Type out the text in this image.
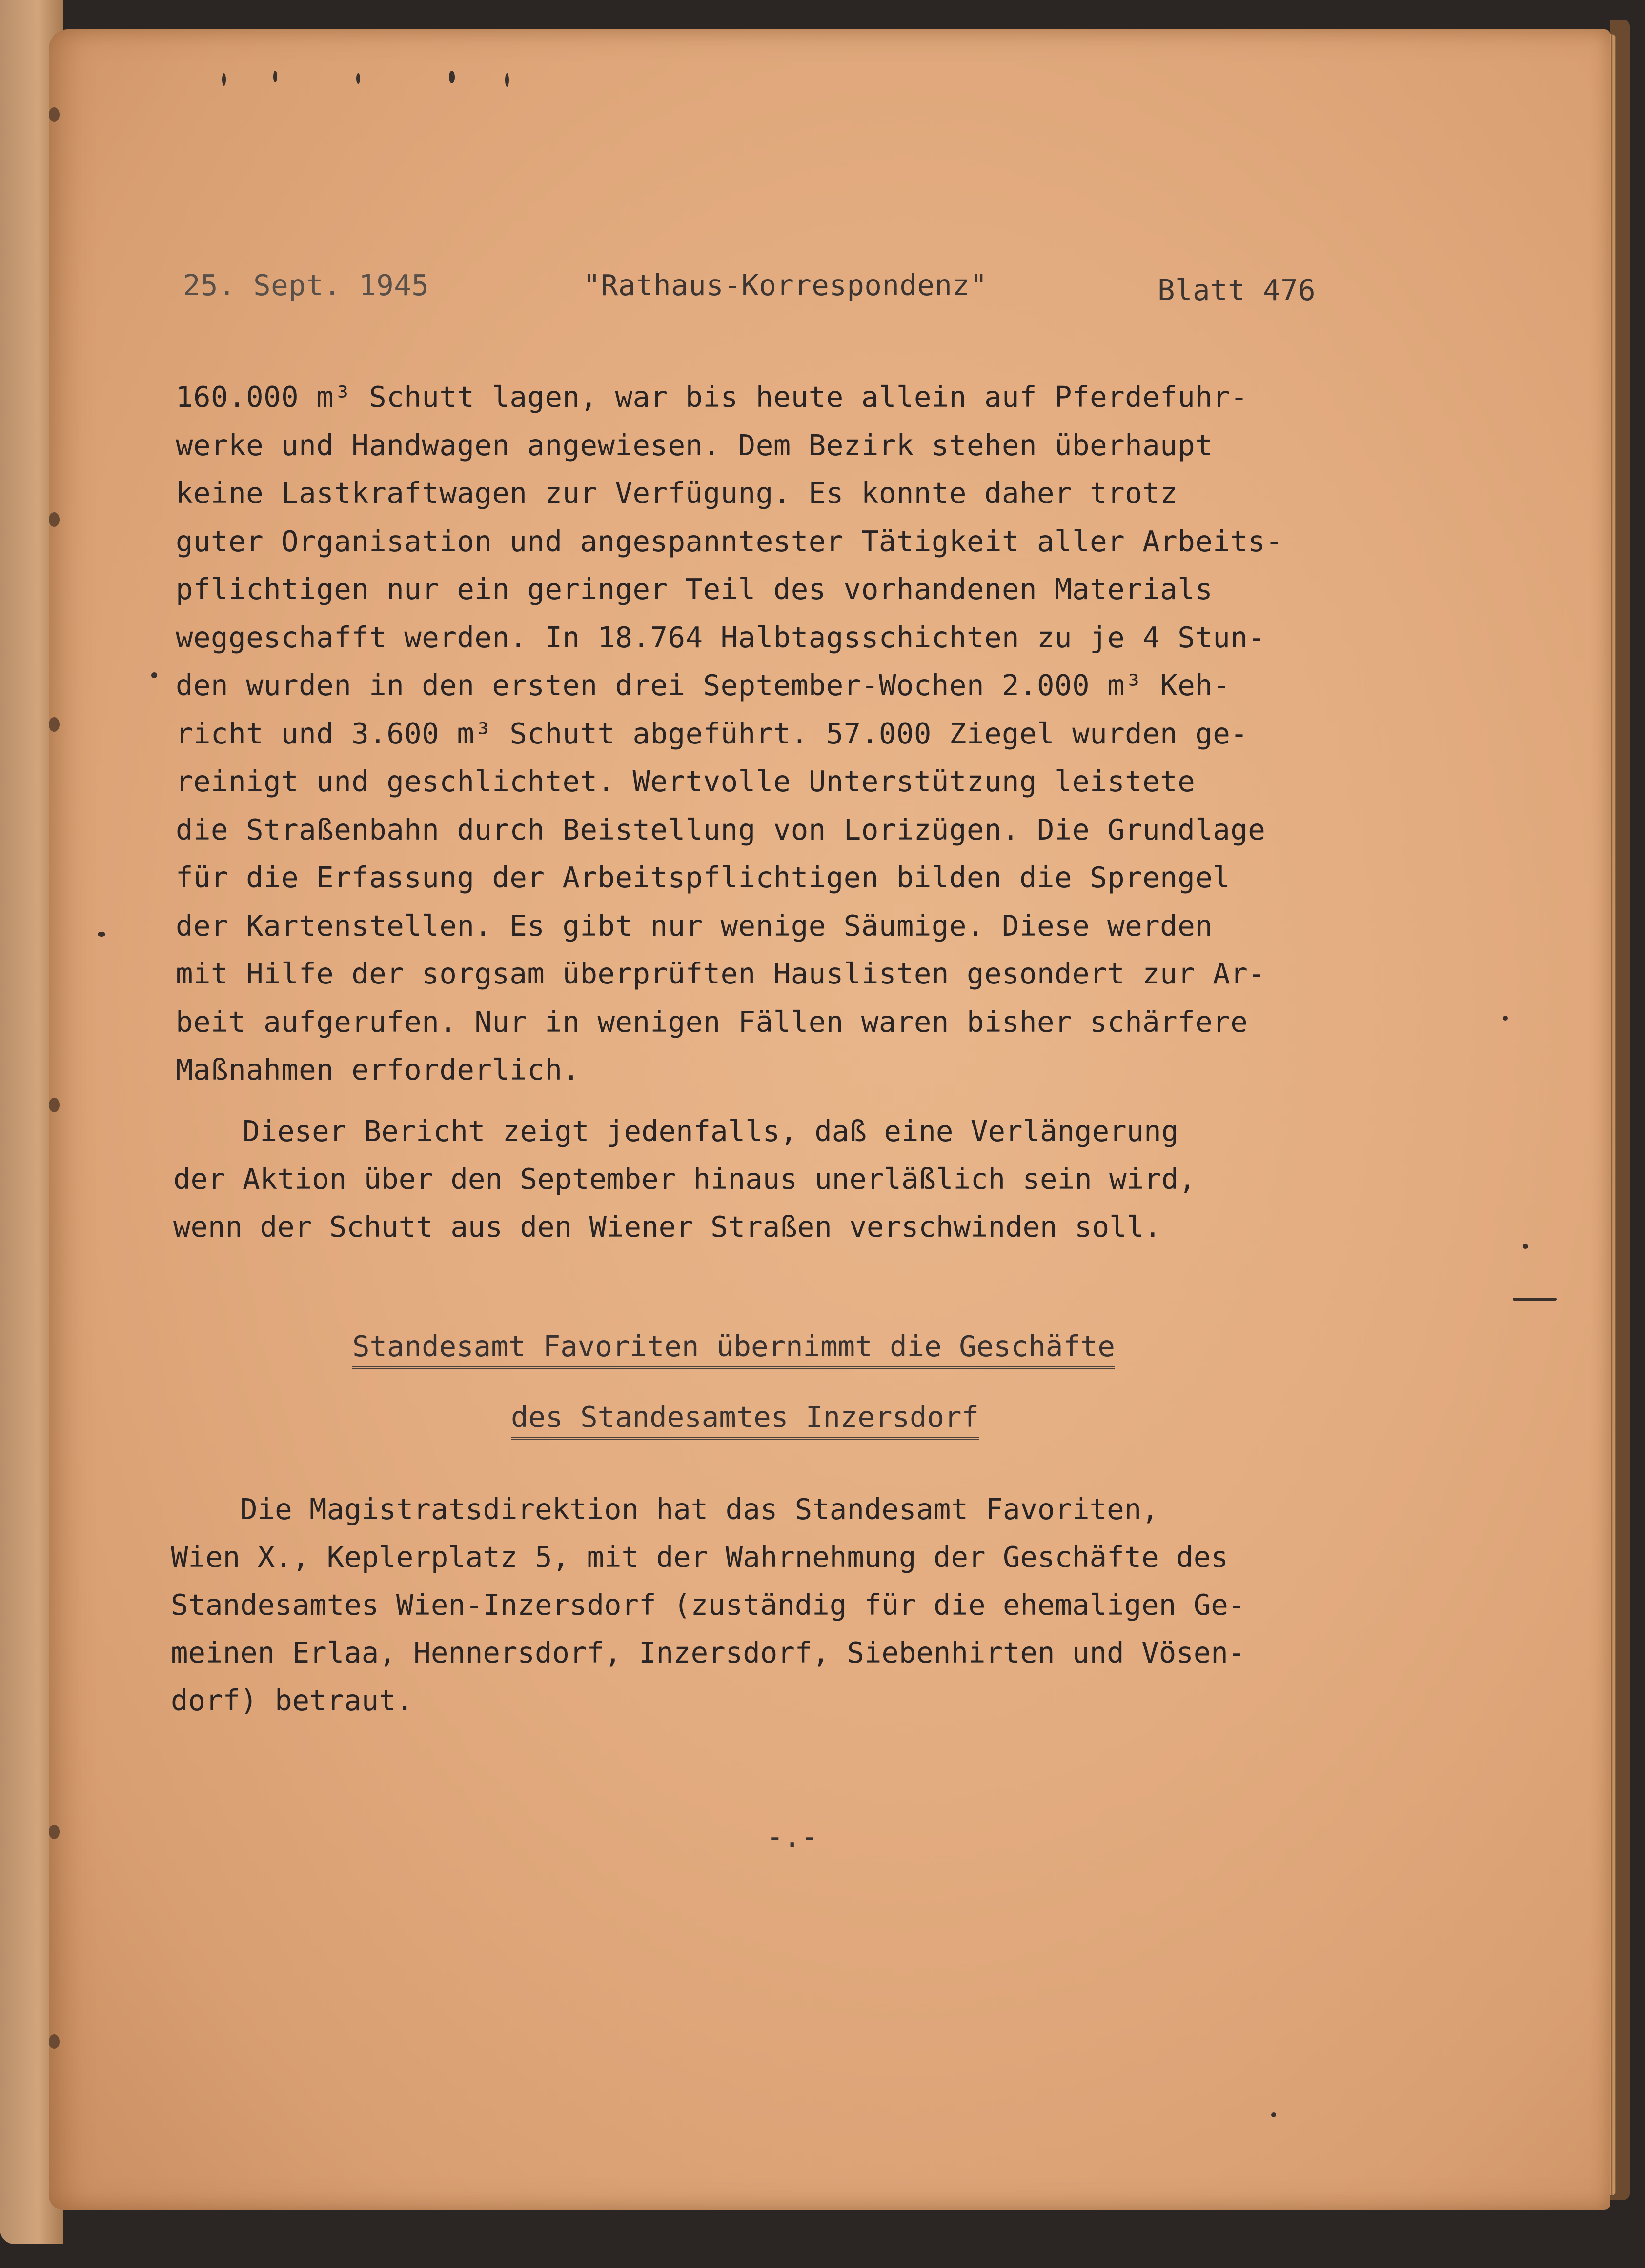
25. Sept. 1945	"Rathaus-Korrespondenz"	Blatt 476
160.000 m³ Schutt lagen, war bis heute allein auf Pferdefuhr-
werke und Handwagen angewiesen. Dem Bezirk stehen überhaupt
keine Lastkraftwagen zur Verfügung. Es konnte daher trotz
guter Organisation und angespanntester Tätigkeit aller Arbeits-
pflichtigen nur ein geringer Teil des vorhandenen Materials
weggeschafft werden. In 18.764 Halbtagsschichten zu je 4 Stun-
den wurden in den ersten drei September-Wochen 2.000 m³ Keh-
richt und 3.600 m³ Schutt abgeführt. 57.000 Ziegel wurden ge-
reinigt und geschlichtet. Wertvolle Unterstützung leistete
die Straßenbahn durch Beistellung von Lorizügen. Die Grundlage
für die Erfassung der Arbeitspflichtigen bilden die Sprengel
der Kartenstellen. Es gibt nur wenige Säumige. Diese werden
mit Hilfe der sorgsam überprüften Hauslisten gesondert zur Ar-
beit aufgerufen. Nur in wenigen Fällen waren bisher schärfere
Maßnahmen erforderlich.
Dieser Bericht zeigt jedenfalls, daß eine Verlängerung
der Aktion über den September hinaus unerläßlich sein wird,
wenn der Schutt aus den Wiener Straßen verschwinden soll.
Standesamt Favoriten übernimmt die Geschäfte
des Standesamtes Inzersdorf
Die Magistratsdirektion hat das Standesamt Favoriten,
Wien X., Keplerplatz 5, mit der Wahrnehmung der Geschäfte des
Standesamtes Wien-Inzersdorf (zuständig für die ehemaligen Ge-
meinen Erlaa, Hennersdorf, Inzersdorf, Siebenhirten und Vösen-
dorf) betraut.
-.-
